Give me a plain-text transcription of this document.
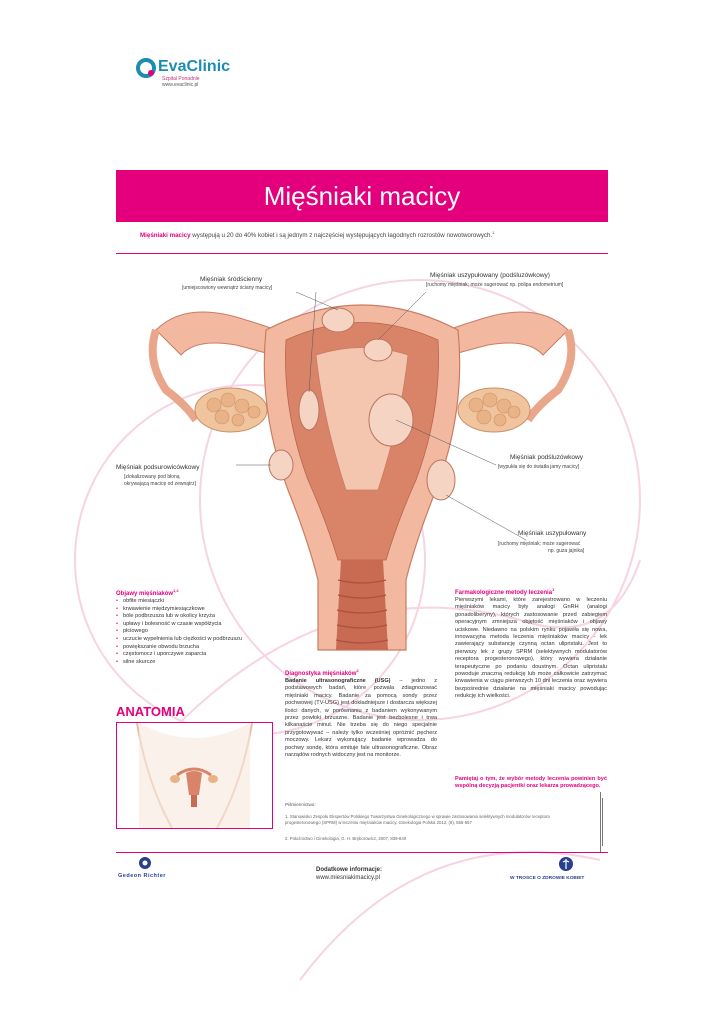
EvaClinic
Szpital Ponadnie
www.evaclinic.pl
Mięśniaki macicy
Mięśniaki macicy występują u 20 do 40% kobiet i są jednym z najczęściej występujących łagodnych rozrostów nowotworowych.$^1$
Mięśniak śródścienny
[umiejscowiony wewnątrz ściany macicy]
Mięśniak uszypułowany (podśluzówkowy)
[ruchomy mięśniak; może sugerować np. polipa endometrium]
Mięśniak podśluzówkowy
[wypukła się do światła jamy macicy]
Mięśniak podsurowicówkowy
[zlokalizowany pod błoną
okrywającą macicę od zewnątrz]
Mięśniak uszypułowany
[ruchomy mięśniak; może sugerować
np. guza jajnika]
Objawy mięśniaków$^{1,2}$
• obfite miesiączki
• krwawienie międzymiesiączkowe
• bóle podbrzusza lub w okolicy krzyża
• upławy i bolesność w czasie współżycia
• płciowego
• uczucie wypełnienia lub ciężkości w podbrzuszu
• powiększanie obwodu brzucha
• częstomocz i uporczywe zaparcia
• silne skurcze
ANATOMIA
Diagnostyka mięśniaków$^2$
Badanie ultrasonograficzne (USG) – jedno z podstawowych badań, które pozwala zdiagnozować mięśniaki macicy. Badanie za pomocą sondy przez pochwowej (TV-USG) jest dokładniejsze i dostarcza większej ilości danych, w porównaniu z badaniem wykonywanym przez powłoki brzuszne. Badanie jest bezbolesne i trwa kilkanaście minut. Nie trzeba się do niego specjalnie przygotowywać – należy tylko wcześniej opróżnić pęcherz moczowy. Lekarz wykonujący badanie wprowadza do pochwy sondę, która emituje fale ultrasonograficzne. Obraz narządów rodnych widoczny jest na monitorze.
Farmakologiczne metody leczenia$^1$
Pierwszymi lekami, które zarejestrowano w leczeniu mięśniaków macicy były analogi GnRH (analogi gonadoliberyny), których zastosowanie przed zabiegiem operacyjnym zmniejsza objętość mięśniaków i objawy uciskowe. Niedawno na polskim rynku pojawiła się nowa, innowacyjna metoda leczenia mięśniaków macicy - lek zawierający substancję czynną octan ulipristalu. Jest to pierwszy lek z grupy SPRM (selektywnych modulatorów receptora progesteronowego), który wywiera działanie terapeutyczne po podaniu doustnym. Octan ulipristalu powoduje znaczną redukcję lub może całkowicie zatrzymać krwawienia w ciągu pierwszych 10 dni leczenia oraz wywiera bezpośrednie działanie na mięśniaki macicy powodując redukcję ich wielkości.
Pamiętaj o tym, że wybór metody leczenia powinien być wspólną decyzją pacjentki oraz lekarza prowadzącego.
Piśmiennictwo:
1. Stanowisko Zespołu Ekspertów Polskiego Towarzystwa Ginekologicznego w sprawie zastosowania selektywnych modulatorów receptora progesteronowego (SPRM) w leczeniu mięśniaków macicy. Ginekologia Polska 2012, (8), 555-557
2. Położnictwo i Ginekologia, G. H. Bręborowicz, 2007, 839-840
Gedeon Richter
Dodatkowe informacje:
www.miesniakimacicy.pl	W TROSCE O ZDROWIE KOBIET
